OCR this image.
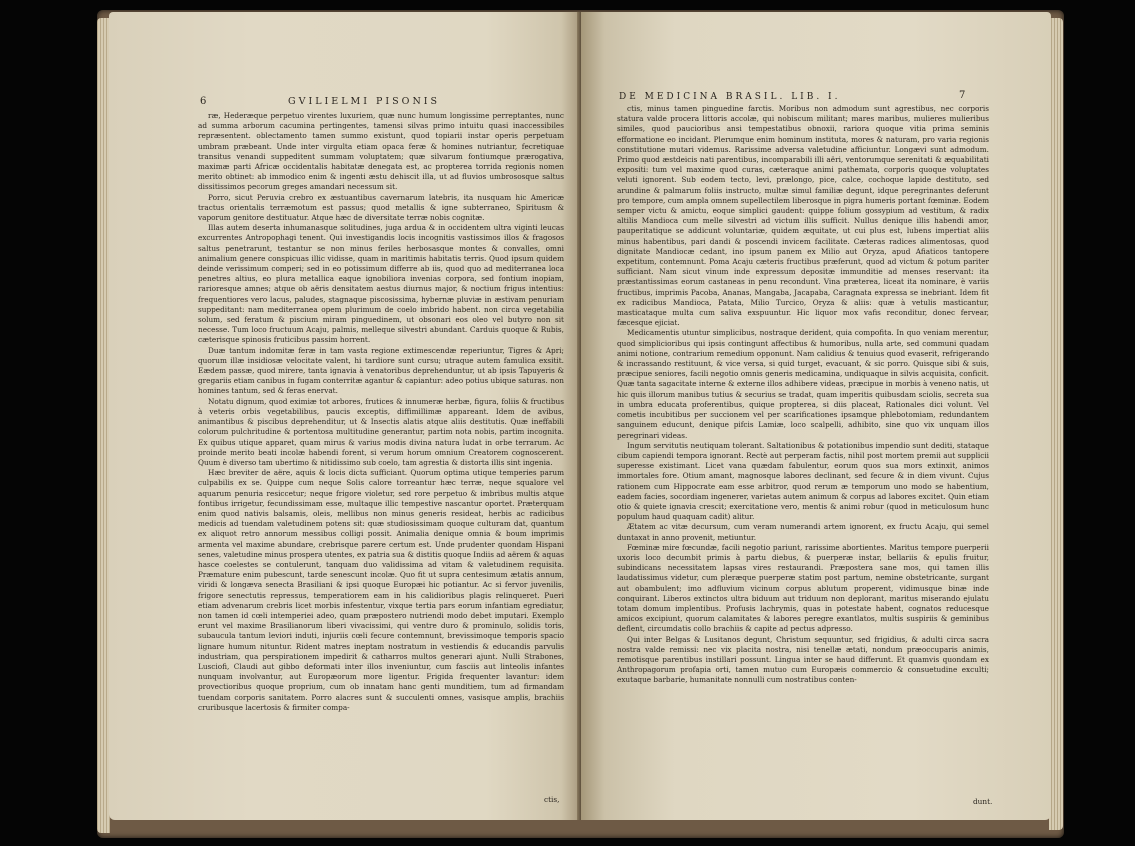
6	GVILIELMI PISONIS

ræ, Hederæque perpetuo virentes luxuriem, quæ nunc humum longissime perreptantes, nunc ad summa arborum cacumina pertingentes, tamensi silvas primo intuitu quasi inaccessibiles repræsentent. oblectamento tamen summo existunt, quod topiarii instar operis perpetuam umbram præbeant. Unde inter virgulta etiam opaca feræ & homines nutriantur, fecretiquae transitus venandi suppeditent summam voluptatem; quæ silvarum fontiumque prærogativa, maximæ parti Africæ occidentalis habitatæ denegata est, ac propterea torrida regionis nomen merito obtinet: ab immodico enim & ingenti æstu dehiscit illa, ut ad fluvios umbrososque saltus dissitissimos pecorum greges amandari necessum sit.

Porro, sicut Peruvia crebro ex æstuantibus cavernarum latebris, ita nusquam hic Americæ tractus orientalis terræmotum est passus; quod metallis & igne subterraneo, Spiritusm & vaporum genitore destituatur. Atque hæc de diversitate terræ nobis cognitæ.

Illas autem deserta inhumanasque solitudines, juga ardua & in occidentem ultra viginti leucas excurrentes Antropophagi tenent. Qui investigandis locis incognitis vastissimos illos & fragosos saltus penetrarunt, testantur se non minus feriles herbosasque montes & convalles, omni animalium genere conspicuas illic vidisse, quam in maritimis habitatis terris. Quod ipsum quidem deinde verissimum comperi; sed in eo potissimum differre ab iis, quod quo ad mediterranea loca penetres altius, eo plura metallica eaque ignobiliora invenias corpora, sed fontium inopiam, rarioresque amnes; atque ob aëris densitatem aestus diurnus major, & noctium frigus intentius: frequentiores vero lacus, paludes, stagnaque piscosissima, hybernæ pluviæ in æstivam penuriam suppeditant: nam mediterranea opem plurimum de coelo imbrido habent. non circa vegetabilia solum, sed feratum & piscium miram pinguedinem, ut obsonari eos oleo vel butyro non sit necesse. Tum loco fructuum Acaju, palmis, melleque silvestri abundant. Carduis quoque & Rubis, cæterisque spinosis fruticibus passim horrent.

Duæ tantum indomitæ feræ in tam vasta regione extimescendæ reperiuntur, Tigres & Apri; quorum illæ insidiosæ velocitate valent, hi tardiore sunt cursu; utraque autem famulica exsitit. Eædem passæ, quod mirere, tanta ignavia à venatoribus deprehenduntur, ut ab ipsis Tapuyeris & gregariis etiam canibus in fugam conterritæ agantur & capiantur: adeo potius ubique saturas. non homines tantum, sed & feras enervat.

Notatu dignum, quod eximiæ tot arbores, frutices & innumeræ herbæ, figura, foliis & fructibus à veteris orbis vegetabilibus, paucis exceptis, diffimillimæ appareant. Idem de avibus, animantibus & piscibus deprehenditur, ut & Insectis alatis atque aliis destitutis. Quæ ineffabili colorum pulchritudine & portentosa multitudine generantur, partim nota nobis, partim incognita. Ex quibus utique apparet, quam mirus & varius modis divina natura ludat in orbe terrarum. Ac proinde merito beati incolæ habendi forent, si verum horum omnium Creatorem cognoscerent. Quum è diverso tam ubertimo & nitidissimo sub coelo, tam agrestia & distorta illis sint ingenia.

Hæc breviter de aëre, aquis & locis dicta sufficiant. Quorum optima utique temperies parum culpabilis ex se. Quippe cum neque Solis calore torreantur hæc terræ, neque squalore vel aquarum penuria resiccetur; neque frigore violetur, sed rore perpetuo & imbribus multis atque fontibus irrigetur, fecundissimam esse, multaque illic tempestive nascantur oportet. Præterquam enim quod nativis balsamis, oleis, mellibus non minus generis resideat, herbis ac radicibus medicis ad tuendam valetudinem potens sit: quæ studiosissimam quoque culturam dat, quantum ex aliquot retro annorum messibus colligi possit. Animalia denique omnia & boum imprimis armenta vel maxime abundare, crebrisque parere certum est. Unde prudenter quondam Hispani senes, valetudine minus prospera utentes, ex patria sua & distitis quoque Indiis ad aërem & aquas hasce coelestes se contulerunt, tanquam duo validissima ad vitam & valetudinem requisita. Præmature enim pubescunt, tarde senescunt incolæ. Quo fit ut supra centesimum ætatis annum, viridi & longæva senecta Brasiliani & ipsi quoque Europæi hic potiantur. Ac si fervor juvenilis, frigore senectutis repressus, temperatiorem eam in his calidioribus plagis relinqueret. Pueri etiam advenarum crebris licet morbis infestentur, vixque tertia pars eorum infantiam egrediatur, non tamen id cœli intemperiei adeo, quam præpostero nutriendi modo debet imputari. Exemplo erunt vel maxime Brasilianorum liberi vivacissimi, qui ventre duro & prominulo, solidis toris, subaucula tantum leviori induti, injuriis cœli fecure contemnunt, brevissimoque temporis spacio lignare humum nituntur. Rident matres ineptam nostratum in vestiendis & educandis parvulis industriam, qua perspirationem impedirit & catharros multos generari ajunt. Nulli Strabones, Lusciofi, Claudi aut gibbo deformati inter illos inveniuntur, cum fasciis aut linteolis infantes nunquam involvantur, aut Europæorum more ligentur. Frigida frequenter lavantur: idem provectioribus quoque proprium, cum ob innatam hanc genti munditiem, tum ad firmandam tuendam corporis sanitatem. Porro alacres sunt & succulenti omnes, vasisque amplis, brachiis cruribusque lacertosis & firmiter compa-

ctis,
DE MEDICINA BRASIL. LIB. I.	7

ctis, minus tamen pinguedine farctis. Moribus non admodum sunt agrestibus, nec corporis statura valde procera littoris accolæ, qui nobiscum militant; mares maribus, mulieres mulieribus similes, quod paucioribus ansi tempestatibus obnoxii, rariora quoque vitia prima seminis efformatione eo incidant. Plerumque enim hominum instituta, mores & naturam, pro varia regionis constitutione mutari videmus. Rarissime adversa valetudine afficiuntur. Longævi sunt admodum. Primo quod æstdeicis nati parentibus, incomparabili illi aëri, ventorumque serenitati & æquabilitati expositi: tum vel maxime quod curas, cæteraque animi pathemata, corporis quoque voluptates veluti ignorent. Sub eodem tecto, levi, prælongo, pice, calce, cochoque lapide destituto, sed arundine & palmarum foliis instructo, multæ simul familiæ degunt, idque peregrinantes deferunt pro tempore, cum ampla omnem supellectilem liberosque in pigra humeris portant fœminæ. Eodem semper victu & amictu, eoque simplici gaudent: quippe folium gossypium ad vestitum, & radix altilis Mandioca cum melle silvestri ad victum illis sufficit. Nullus denique illis habendi amor, pauperitatique se addicunt voluntariæ, quidem æquitate, ut cui plus est, lubens impertiat aliis minus habentibus, pari dandi & poscendi invicem facilitate. Cæteras radices alimentosas, quod dignitate Mandiocæ cedant, ino ipsum panem ex Milio aut Oryza, apud Afiaticos tantopere expetitum, contemnunt. Poma Acaju cæteris fructibus præferunt, quod ad victum & potum pariter sufficiant. Nam sicut vinum inde expressum depositæ immunditie ad menses reservant: ita præstantissimas eorum castaneas in penu recondunt. Vina præterea, liceat ita nominare, è variis fructibus, imprimis Pacoba, Ananas, Mangaba, Jacapaba, Caragnata expressa se inebriant. Idem fit ex radicibus Mandioca, Patata, Milio Turcico, Oryza & aliis: quæ à vetulis masticantur, masticataque multa cum saliva exspuuntur. Hic liquor mox vafis reconditur, donec fervear, fæcesque ejiciat.

Medicamentis utuntur simplicibus, nostraque derident, quia compofita. In quo veniam merentur, quod simplicioribus qui ipsis contingunt affectibus & humoribus, nulla arte, sed communi quadam animi notione, contrarium remedium opponunt. Nam calidius & tenuius quod evaserit, refrigerando & incrassando restituunt, & vice versa, si quid turget, evacuant, & sic porro. Quisque sibi & suis, præcipue seniores, facili negotio omnis generis medicamina, undiquaque in silvis acquisita, conficit. Quæ tanta sagacitate interne & externe illos adhibere videas, præcipue in morbis à veneno natis, ut hic quis illorum manibus tutius & securius se tradat, quam imperitis quibusdam sciolis, secreta sua in umbra educata proferentibus, quique propterea, si diis placeat, Rationales dici volunt. Vel cometis incubitibus per succionem vel per scarificationes ipsamque phlebotomiam, redundantem sanguinem educunt, denique pifcis Lamiæ, loco scalpelli, adhibito, sine quo vix unquam illos peregrinari videas.

Ingum servitutis neutiquam tolerant. Saltationibus & potationibus impendio sunt dediti, stataque cibum capiendi tempora ignorant. Rectè aut perperam factis, nihil post mortem premii aut supplicii superesse existimant. Licet vana quædam fabulentur, eorum quos sua mors extinxit, animos immortales fore. Otium amant, magnosque labores declinant, sed fecure & in diem vivunt. Cujus rationem cum Hippocrate eam esse arbitror, quod rerum æ temporum uno modo se habentium, eadem facies, socordiam ingenerer, varietas autem animum & corpus ad labores excitet. Quin etiam otio & quiete ignavia crescit; exercitatione vero, mentis & animi robur (quod in meticulosum hunc populum haud quaquam cadit) alitur.

Ætatem ac vitæ decursum, cum veram numerandi artem ignorent, ex fructu Acaju, qui semel duntaxat in anno provenit, metiuntur.

Fœminæ mire fœcundæ, facili negotio pariunt, rarissime abortientes. Maritus tempore puerperii uxoris loco decumbit primis à partu diebus, & puerperæ instar, bellariis & epulis fruitur, subindicans necessitatem lapsas vires restaurandi. Præpostera sane mos, qui tamen illis laudatissimus videtur, cum pleræque puerperæ statim post partum, nemine obstetricante, surgant aut obambulent; imo adfluvium vicinum corpus ablutum properent, vidimusque binæ inde conquirant. Liberos extinctos ultra biduum aut triduum non deplorant, maritus miserando ejulatu totam domum implentibus. Profusis lachrymis, quas in potestate habent, cognatos reducesque amicos excipiunt, quorum calamitates & labores peregre exantlatos, multis suspiriis & geminibus deflent, circumdatis collo brachiis & capite ad pectus adpresso.

Qui inter Belgas & Lusitanos degunt, Christum sequuntur, sed frigidius, & adulti circa sacra nostra valde remissi: nec vix placita nostra, nisi tenellæ ætati, nondum præoccuparis animis, remotisque parentibus instillari possunt. Lingua inter se haud differunt. Et quamvis quondam ex Anthropagorum profapia orti, tamen mutuo cum Europæis commercio & consuetudine exculti; exutaque barbarie, humanitate nonnulli cum nostratibus conten-

dunt.
